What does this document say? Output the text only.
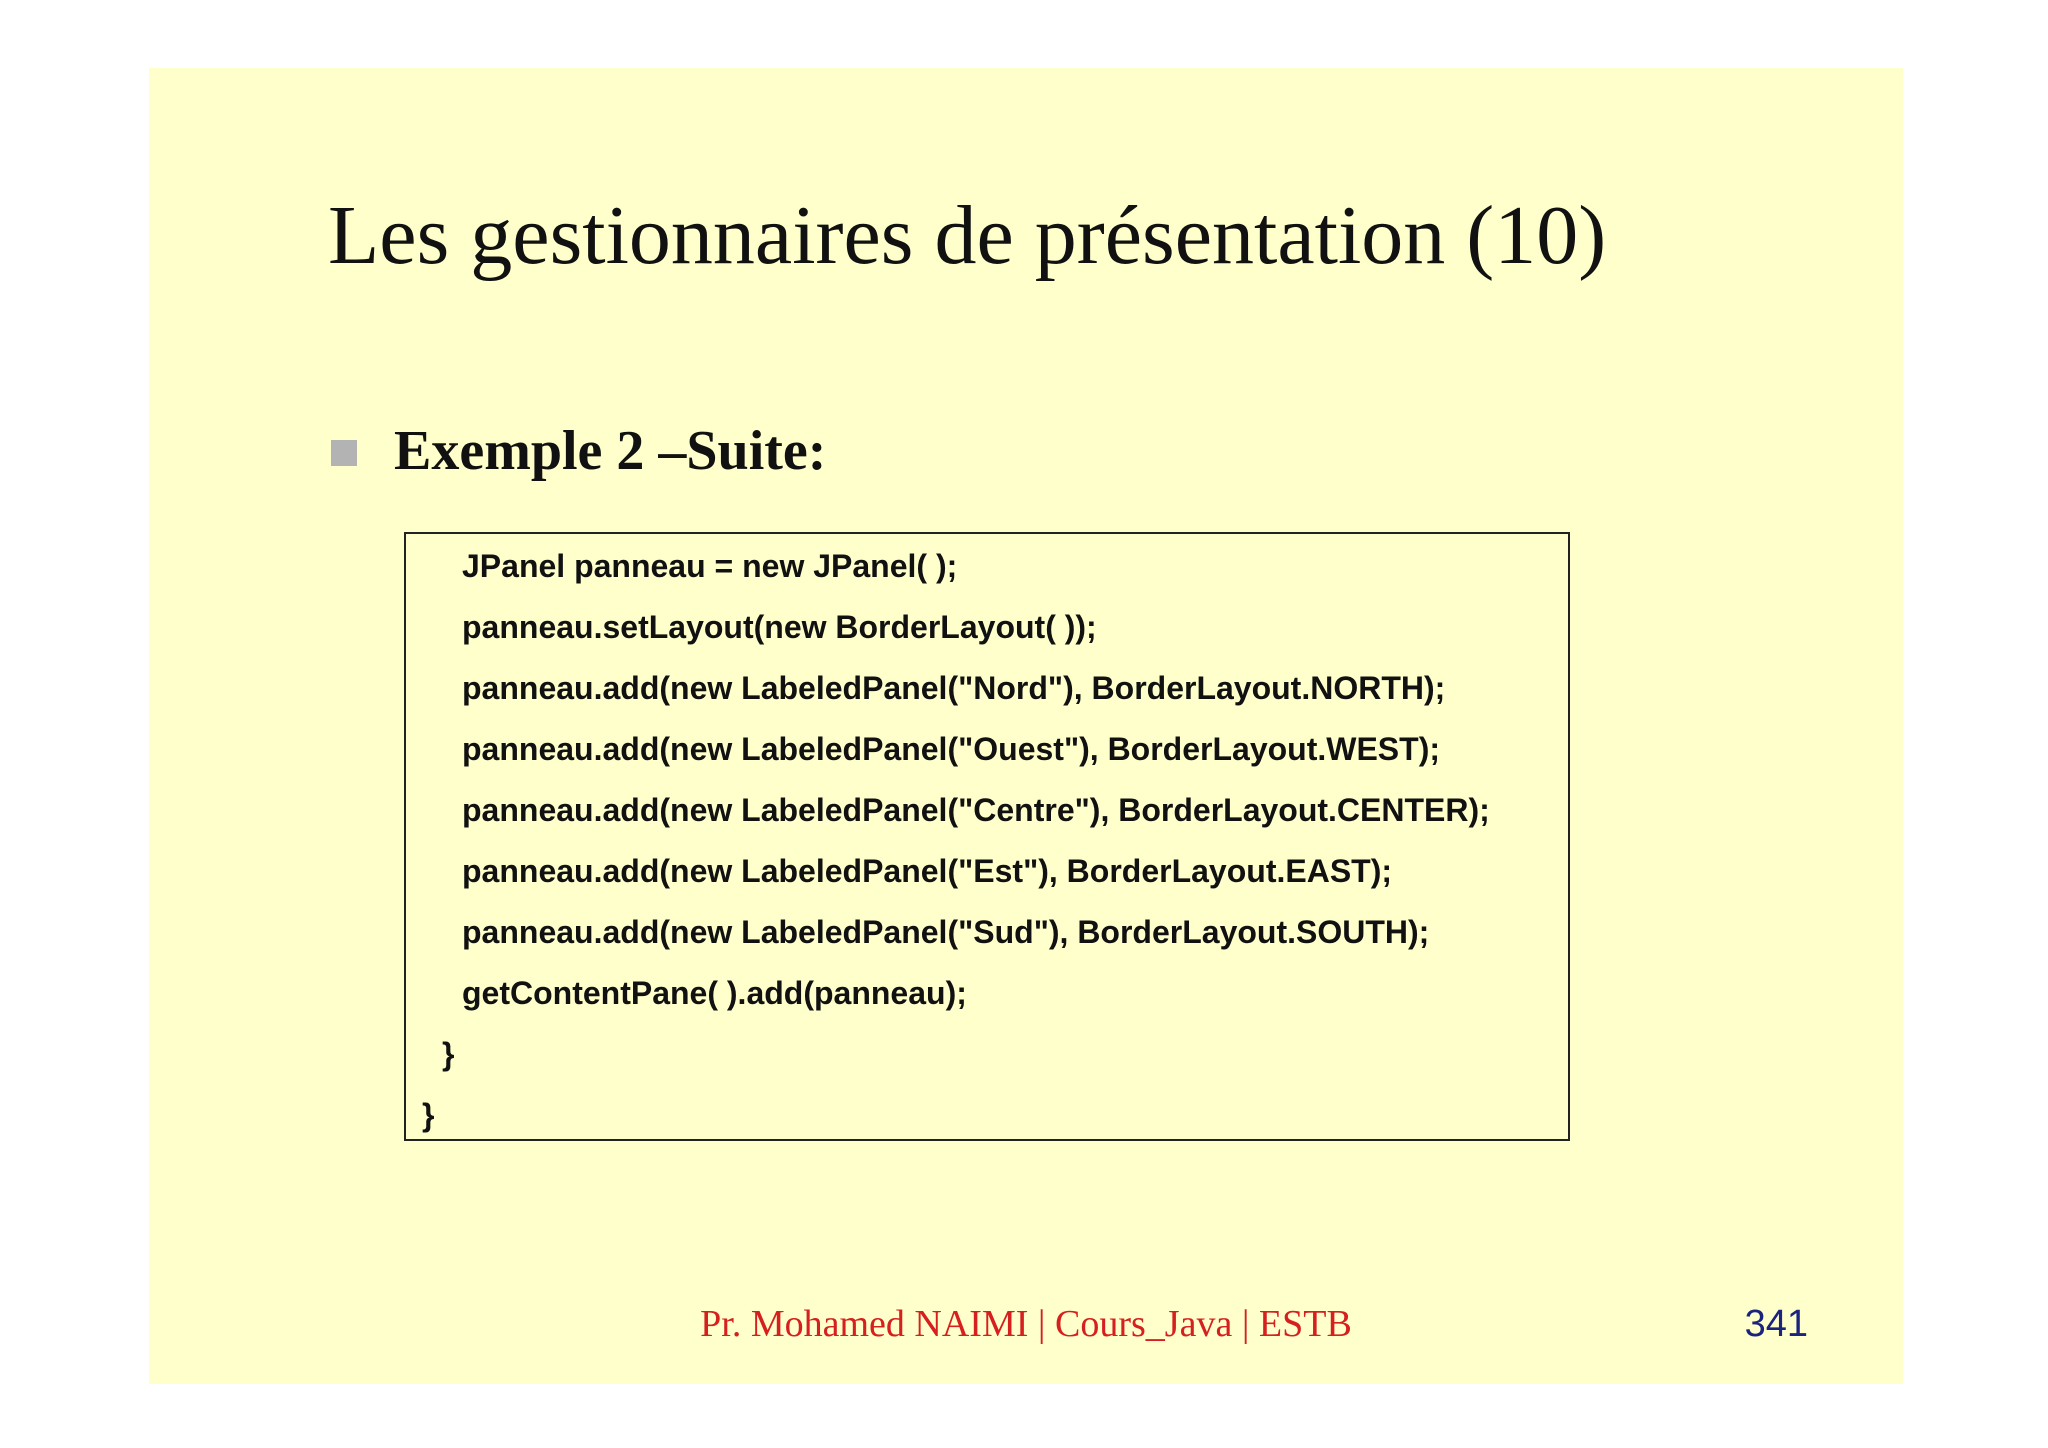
Les gestionnaires de présentation (10)
Exemple 2 –Suite:
JPanel panneau = new JPanel( );
panneau.setLayout(new BorderLayout( ));
panneau.add(new LabeledPanel("Nord"), BorderLayout.NORTH);
panneau.add(new LabeledPanel("Ouest"), BorderLayout.WEST);
panneau.add(new LabeledPanel("Centre"), BorderLayout.CENTER);
panneau.add(new LabeledPanel("Est"), BorderLayout.EAST);
panneau.add(new LabeledPanel("Sud"), BorderLayout.SOUTH);
getContentPane( ).add(panneau);
}
}
Pr. Mohamed NAIMI | Cours_Java | ESTB	341
